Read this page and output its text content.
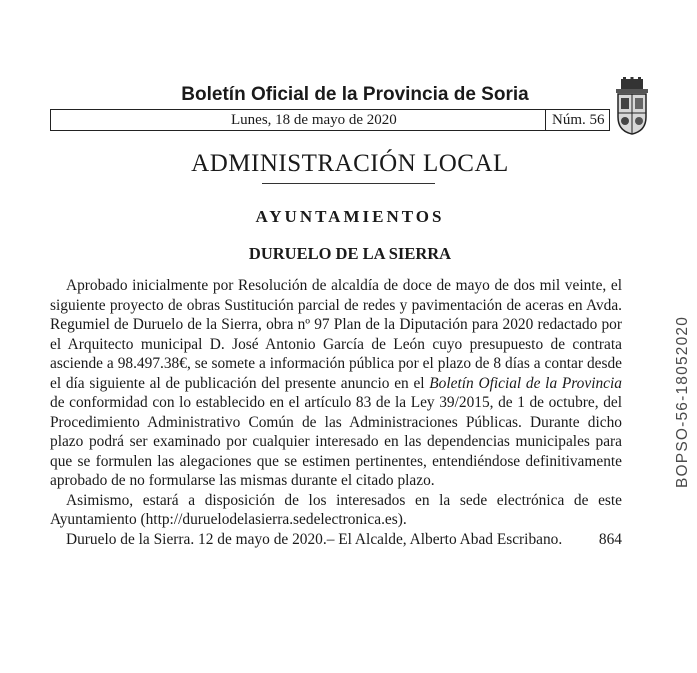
Boletín Oficial de la Provincia de Soria
Lunes, 18 de mayo de 2020	Núm. 56
ADMINISTRACIÓN LOCAL
AYUNTAMIENTOS
DURUELO DE LA SIERRA

Aprobado inicialmente por Resolución de alcaldía de doce de mayo de dos mil veinte, el siguiente proyecto de obras Sustitución parcial de redes y pavimentación de aceras en Avda. Regumiel de Duruelo de la Sierra, obra nº 97 Plan de la Diputación para 2020 redactado por el Arquitecto municipal D. José Antonio García de León cuyo presupuesto de contrata asciende a 98.497.38€, se somete a información pública por el plazo de 8 días a contar desde el día siguiente al de publicación del presente anuncio en el Boletín Oficial de la Provincia de conformidad con lo establecido en el artículo 83 de la Ley 39/2015, de 1 de octubre, del Procedimiento Administrativo Común de las Administraciones Públicas. Durante dicho plazo podrá ser examinado por cualquier interesado en las dependencias municipales para que se formulen las alegaciones que se estimen pertinentes, entendiéndose definitivamente aprobado de no formularse las mismas durante el citado plazo.

Asimismo, estará a disposición de los interesados en la sede electrónica de este Ayuntamiento (http://duruelodelasierra.sedelectronica.es).

Duruelo de la Sierra. 12 de mayo de 2020.– El Alcalde, Alberto Abad Escribano. 864

BOPSO-56-18052020
